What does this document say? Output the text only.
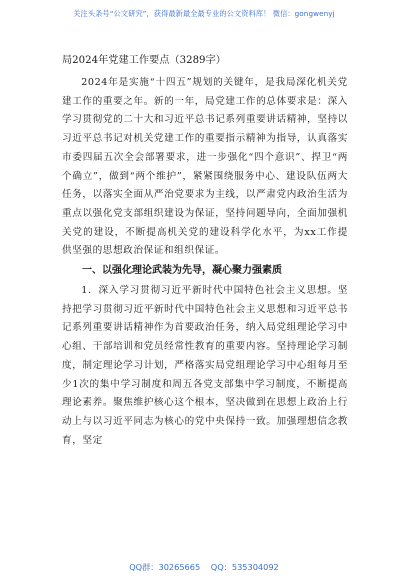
关注头条号“公文研究”，获得最新最全最专业的公文资料库！ 微信：gongwenyj
局2024年党建工作要点（3289字）

2024年是实施“十四五”规划的关键年，是我局深化机关党建工作的重要之年。新的一年，局党建工作的总体要求是：深入学习贯彻党的二十大和习近平总书记系列重要讲话精神，坚持以习近平总书记对机关党建工作的重要指示精神为指导，认真落实市委四届五次全会部署要求，进一步强化“四个意识”、捍卫“两个确立”，做到“两个维护”，紧紧围绕服务中心、建设队伍两大任务，以落实全面从严治党要求为主线，以严肃党内政治生活为重点以强化党支部组织建设为保证，坚持问题导向，全面加强机关党的建设，不断提高机关党的建设科学化水平，为xx工作提供坚强的思想政治保证和组织保证。

一、以强化理论武装为先导，凝心聚力强素质

1．深入学习贯彻习近平新时代中国特色社会主义思想。坚持把学习贯彻习近平新时代中国特色社会主义思想和习近平总书记系列重要讲话精神作为首要政治任务，纳入局党组理论学习中心组、干部培训和党员经常性教育的重要内容。坚持理论学习制度，制定理论学习计划，严格落实局党组理论学习中心组每月至少1次的集中学习制度和周五各党支部集中学习制度，不断提高理论素养。聚焦维护核心这个根本，坚决做到在思想上政治上行动上与以习近平同志为核心的党中央保持一致。加强理想信念教育，坚定

QQ群：30265665 QQ：535304092
